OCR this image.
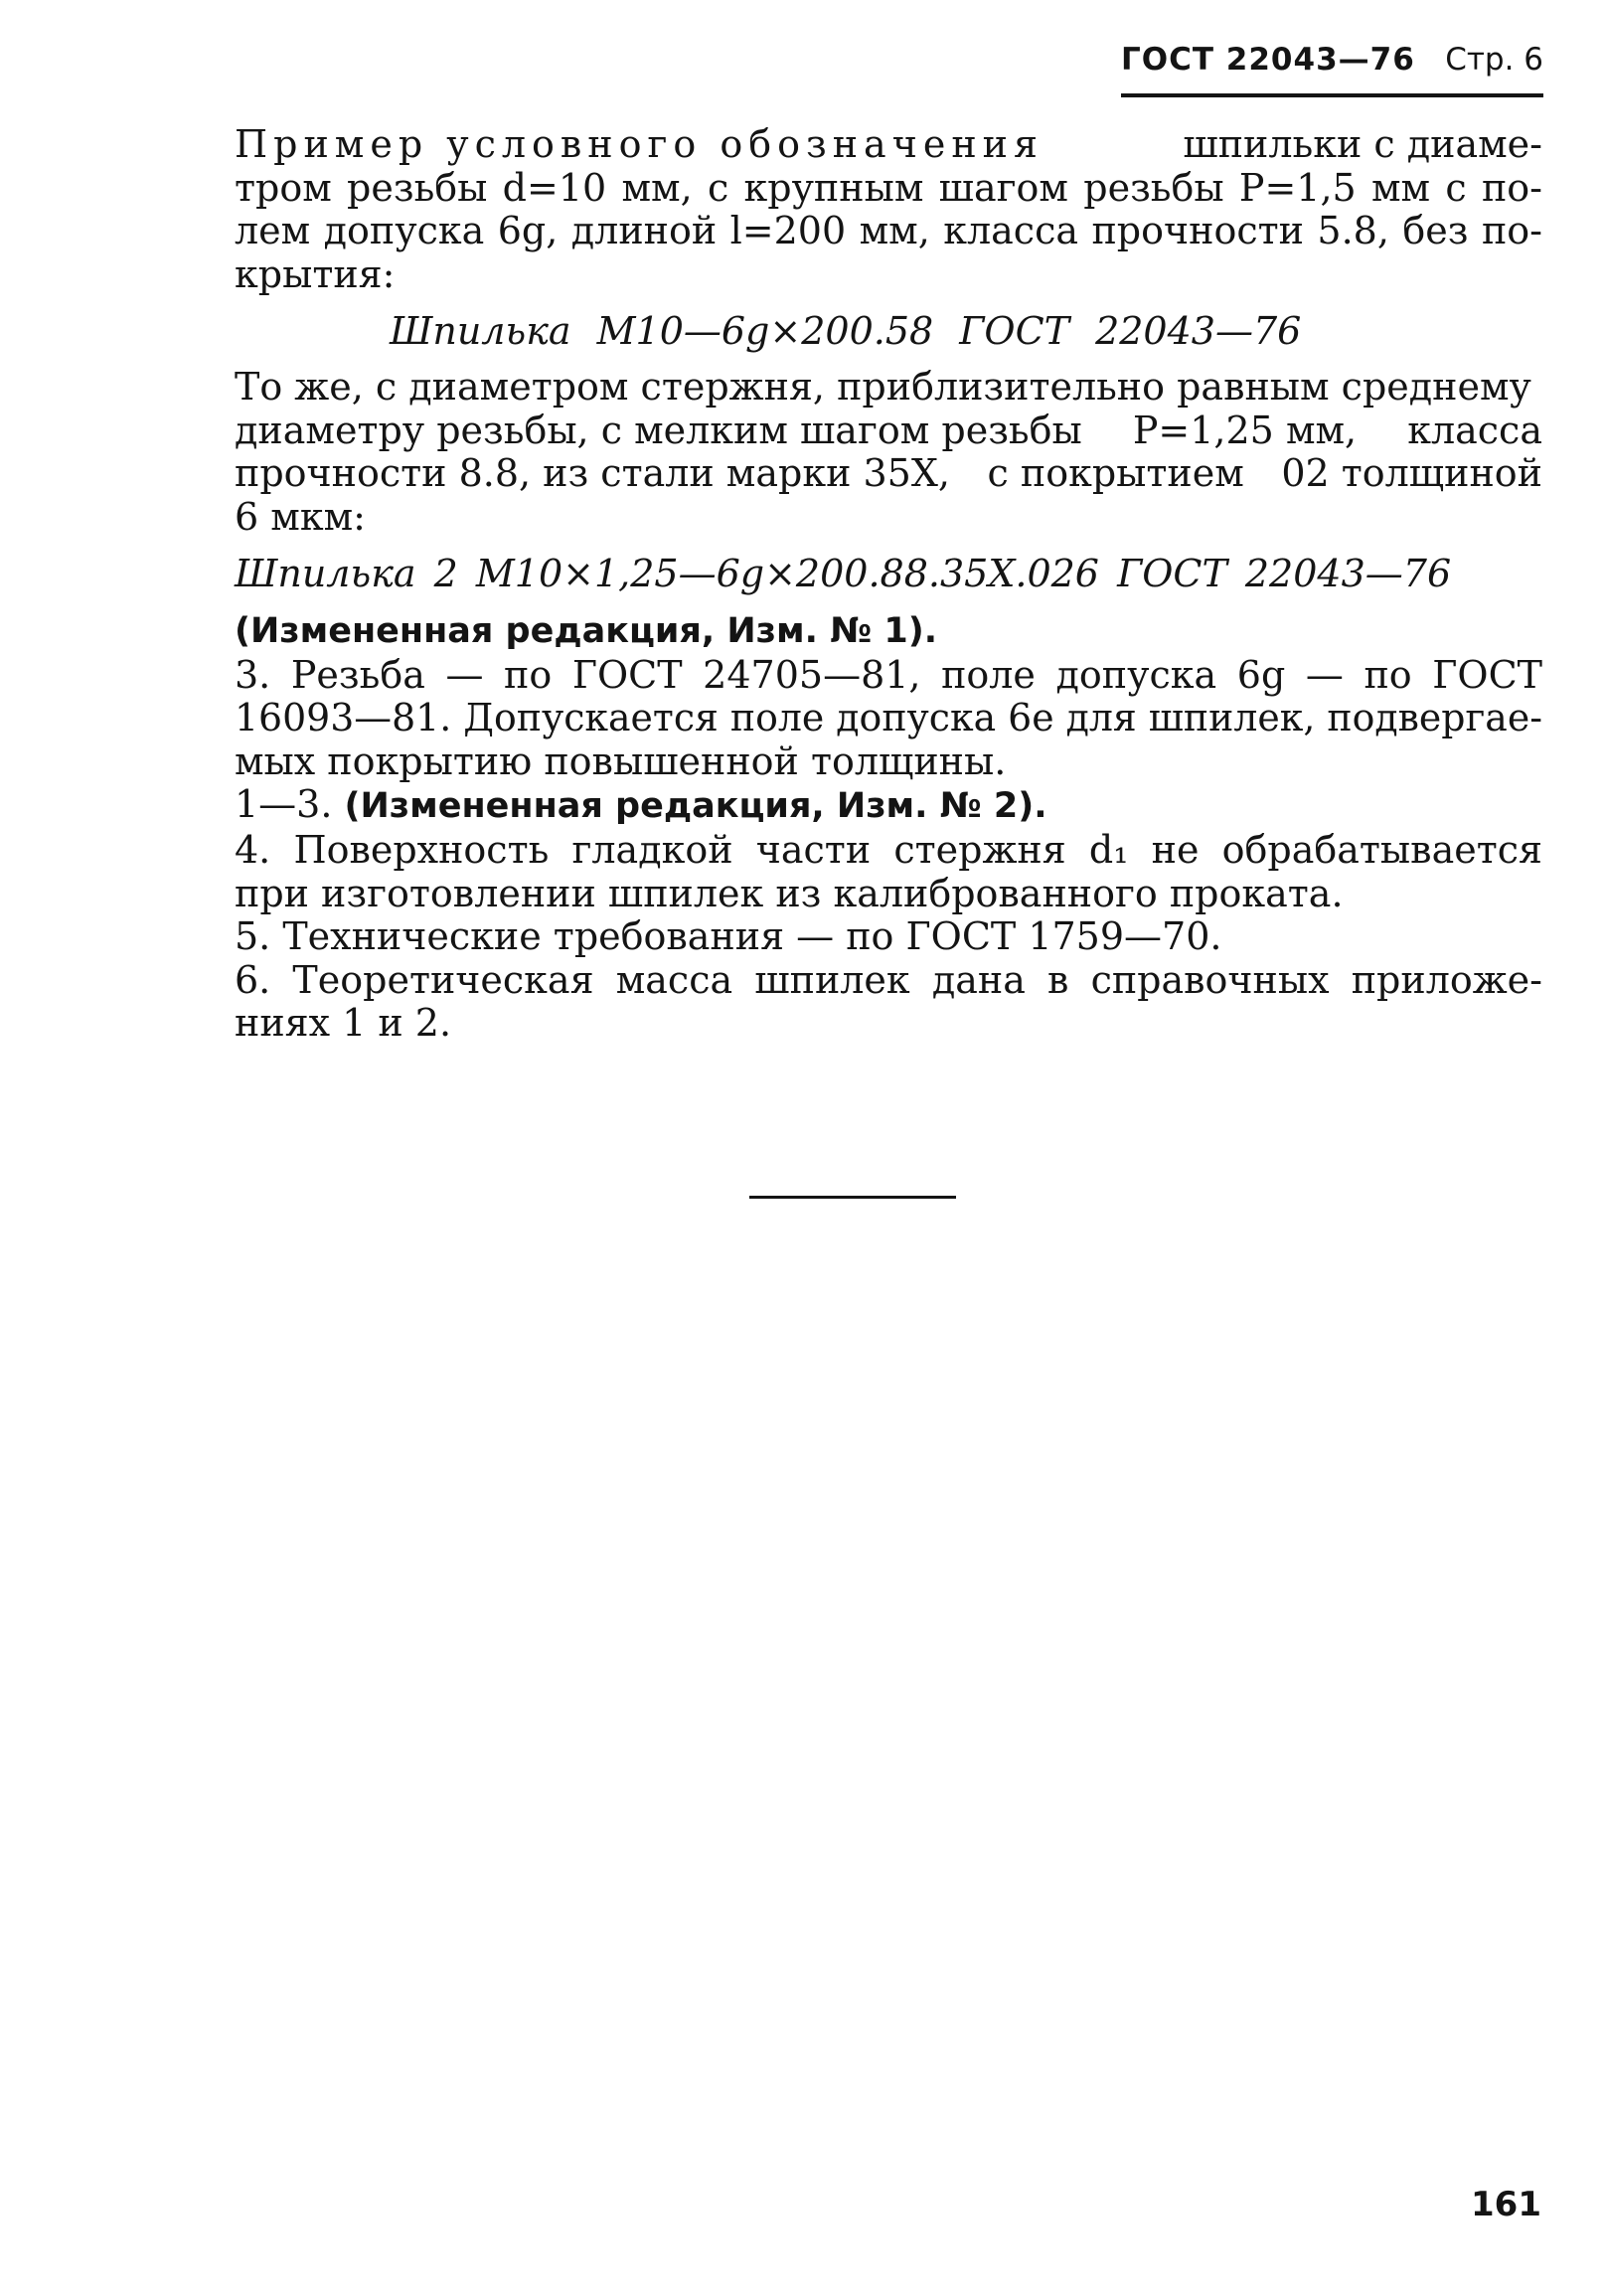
ГОСТ 22043—76 Стр. 6
Пример условного обозначения	шпильки с диаме-
тром резьбы d=10 мм, с крупным шагом резьбы P=1,5 мм с по-
лем допуска 6g, длиной l=200 мм, класса прочности 5.8, без по-
крытия:
Шпилька М10—6g×200.58 ГОСТ 22043—76
То же, с диаметром стержня, приблизительно равным среднему
диаметру резьбы, с мелким шагом резьбы P=1,25 мм, класса
прочности 8.8, из стали марки 35Х, с покрытием 02 толщиной
6 мкм:
Шпилька 2 М10×1,25—6g×200.88.35Х.026 ГОСТ 22043—76
(Измененная редакция, Изм. № 1).
3. Резьба — по ГОСТ 24705—81, поле допуска 6g — по ГОСТ
16093—81. Допускается поле допуска 6е для шпилек, подвергае-
мых покрытию повышенной толщины.
1—3. (Измененная редакция, Изм. № 2).
4. Поверхность гладкой части стержня d₁ не обрабатывается
при изготовлении шпилек из калиброванного проката.
5. Технические требования — по ГОСТ 1759—70.
6. Теоретическая масса шпилек дана в справочных приложе-
ниях 1 и 2.
161
